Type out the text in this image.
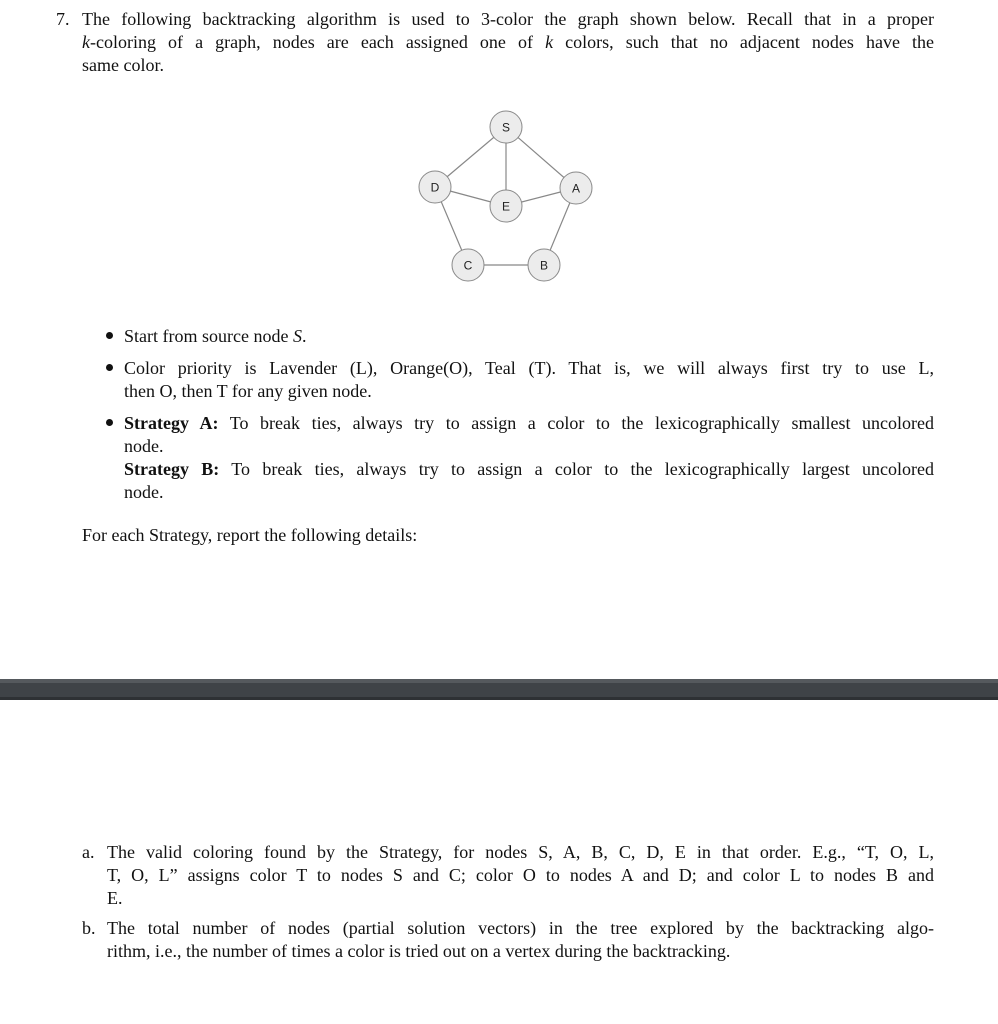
7. The following backtracking algorithm is used to 3-color the graph shown below. Recall that in a proper
k-coloring of a graph, nodes are each assigned one of k colors, such that no adjacent nodes have the
same color.
S
D	A
E
C	B
Start from source node S.
Color priority is Lavender (L), Orange(O), Teal (T). That is, we will always first try to use L,
then O, then T for any given node.
Strategy A: To break ties, always try to assign a color to the lexicographically smallest uncolored
node.
Strategy B: To break ties, always try to assign a color to the lexicographically largest uncolored
node.
For each Strategy, report the following details:
a. The valid coloring found by the Strategy, for nodes S, A, B, C, D, E in that order. E.g., “T, O, L,
T, O, L” assigns color T to nodes S and C; color O to nodes A and D; and color L to nodes B and
E.
b. The total number of nodes (partial solution vectors) in the tree explored by the backtracking algo-
rithm, i.e., the number of times a color is tried out on a vertex during the backtracking.
